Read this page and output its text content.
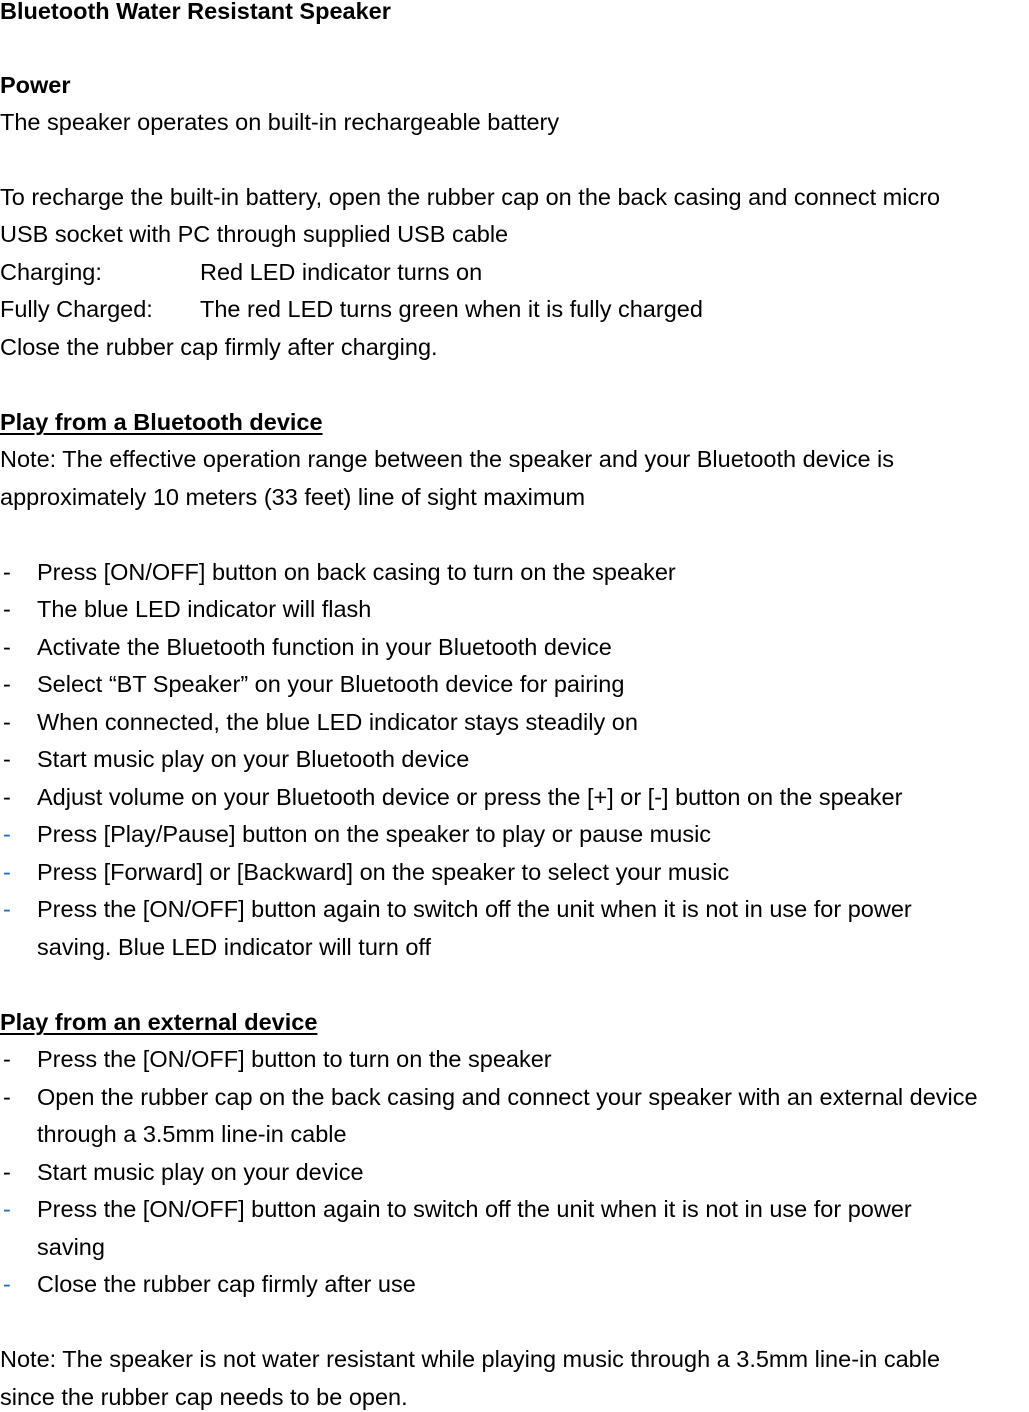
Bluetooth Water Resistant Speaker
Power
The speaker operates on built-in rechargeable battery
To recharge the built-in battery, open the rubber cap on the back casing and connect micro
USB socket with PC through supplied USB cable
Charging:	Red LED indicator turns on
Fully Charged: The red LED turns green when it is fully charged
Close the rubber cap firmly after charging.
Play from a Bluetooth device
Note: The effective operation range between the speaker and your Bluetooth device is
approximately 10 meters (33 feet) line of sight maximum
- Press [ON/OFF] button on back casing to turn on the speaker
- The blue LED indicator will flash
- Activate the Bluetooth function in your Bluetooth device
- Select “BT Speaker” on your Bluetooth device for pairing
- When connected, the blue LED indicator stays steadily on
- Start music play on your Bluetooth device
- Adjust volume on your Bluetooth device or press the [+] or [-] button on the speaker
- Press [Play/Pause] button on the speaker to play or pause music
- Press [Forward] or [Backward] on the speaker to select your music
- Press the [ON/OFF] button again to switch off the unit when it is not in use for power
saving. Blue LED indicator will turn off
Play from an external device
- Press the [ON/OFF] button to turn on the speaker
- Open the rubber cap on the back casing and connect your speaker with an external device
through a 3.5mm line-in cable
- Start music play on your device
- Press the [ON/OFF] button again to switch off the unit when it is not in use for power
saving
- Close the rubber cap firmly after use
Note: The speaker is not water resistant while playing music through a 3.5mm line-in cable
since the rubber cap needs to be open.
